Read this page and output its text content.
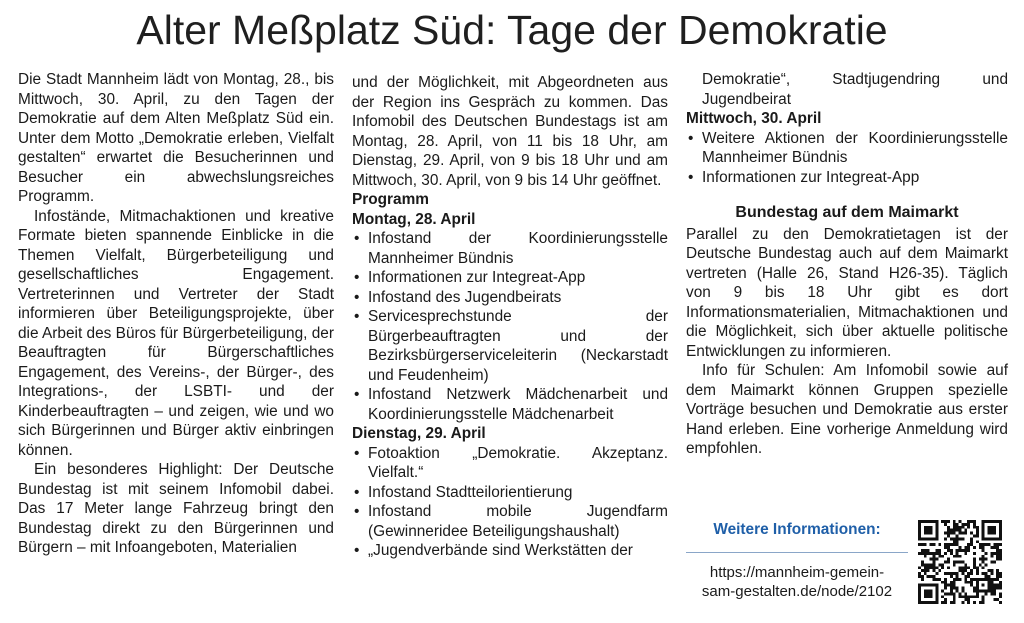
Alter Meßplatz Süd: Tage der Demokratie

Die Stadt Mannheim lädt von Montag, 28., bis Mittwoch, 30. April, zu den Tagen der Demokratie auf dem Alten Meßplatz Süd ein. Unter dem Motto „Demokratie erleben, Vielfalt gestalten“ erwartet die Besucherinnen und Besucher ein abwechslungsreiches Programm.

Infostände, Mitmachaktionen und kreative Formate bieten spannende Einblicke in die Themen Vielfalt, Bürgerbeteiligung und gesellschaftliches Engagement. Vertreterinnen und Vertreter der Stadt informieren über Beteiligungsprojekte, über die Arbeit des Büros für Bürgerbeteiligung, der Beauftragten für Bürgerschaftliches Engagement, des Vereins-, der Bürger-, des Integrations-, der LSBTI- und der Kinderbeauftragten – und zeigen, wie und wo sich Bürgerinnen und Bürger aktiv einbringen können.

Ein besonderes Highlight: Der Deutsche Bundestag ist mit seinem Infomobil dabei. Das 17 Meter lange Fahrzeug bringt den Bundestag direkt zu den Bürgerinnen und Bürgern – mit Infoangeboten, Materialien

und der Möglichkeit, mit Abgeordneten aus der Region ins Gespräch zu kommen. Das Infomobil des Deutschen Bundestags ist am Montag, 28. April, von 11 bis 18 Uhr, am Dienstag, 29. April, von 9 bis 18 Uhr und am Mittwoch, 30. April, von 9 bis 14 Uhr geöffnet.

Programm

Montag, 28. April

• Infostand der Koordinierungsstelle Mannheimer Bündnis
• Informationen zur Integreat-App
• Infostand des Jugendbeirats
• Servicesprechstunde der Bürgerbeauftragten und der Bezirksbürgerserviceleiterin (Neckarstadt und Feudenheim)
• Infostand Netzwerk Mädchenarbeit und Koordinierungsstelle Mädchenarbeit

Dienstag, 29. April

• Fotoaktion „Demokratie. Akzeptanz. Vielfalt.“
• Infostand Stadtteilorientierung
• Infostand mobile Jugendfarm (Gewinneridee Beteiligungshaushalt)
• „Jugendverbände sind Werkstätten der

Demokratie“, Stadtjugendring und Jugendbeirat

Mittwoch, 30. April

• Weitere Aktionen der Koordinierungsstelle Mannheimer Bündnis
• Informationen zur Integreat-App

Bundestag auf dem Maimarkt

Parallel zu den Demokratietagen ist der Deutsche Bundestag auch auf dem Maimarkt vertreten (Halle 26, Stand H26-35). Täglich von 9 bis 18 Uhr gibt es dort Informationsmaterialien, Mitmachaktionen und die Möglichkeit, sich über aktuelle politische Entwicklungen zu informieren.

Info für Schulen: Am Infomobil sowie auf dem Maimarkt können Gruppen spezielle Vorträge besuchen und Demokratie aus erster Hand erleben. Eine vorherige Anmeldung wird empfohlen.

Weitere Informationen:

https://mannheim-gemein-
sam-gestalten.de/node/2102
